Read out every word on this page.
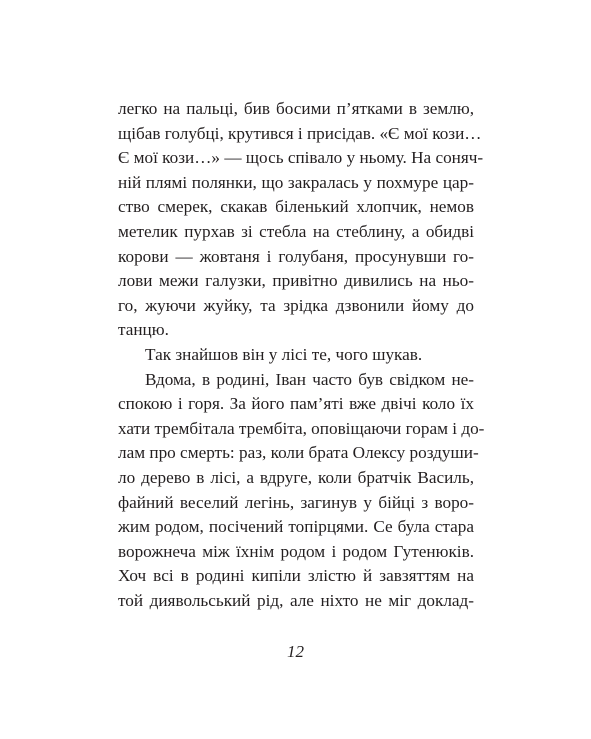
легко на пальці, бив босими п’ятками в землю,
щібав голубці, крутився і присідав. «Є мої кози…
Є мої кози…» — щось співало у ньому. На соняч-
ній плямі полянки, що закралась у похмуре цар-
ство смерек, скакав біленький хлопчик, немов
метелик пурхав зі стебла на стеблину, а обидві
корови — жовтаня і голубаня, просунувши го-
лови межи галузки, привітно дивились на ньо-
го, жуючи жуйку, та зрідка дзвонили йому до
танцю.
Так знайшов він у лісі те, чого шукав.
Вдома, в родині, Іван часто був свідком не-
спокою і горя. За його пам’яті вже двічі коло їх
хати трембітала трембіта, оповіщаючи горам і до-
лам про смерть: раз, коли брата Олексу роздуши-
ло дерево в лісі, а вдруге, коли братчік Василь,
файний веселий легінь, загинув у бійці з воро-
жим родом, посічений топірцями. Се була стара
ворожнеча між їхнім родом і родом Гутенюків.
Хоч всі в родині кипіли злістю й завзяттям на
той диявольський рід, але ніхто не міг доклад-
12
